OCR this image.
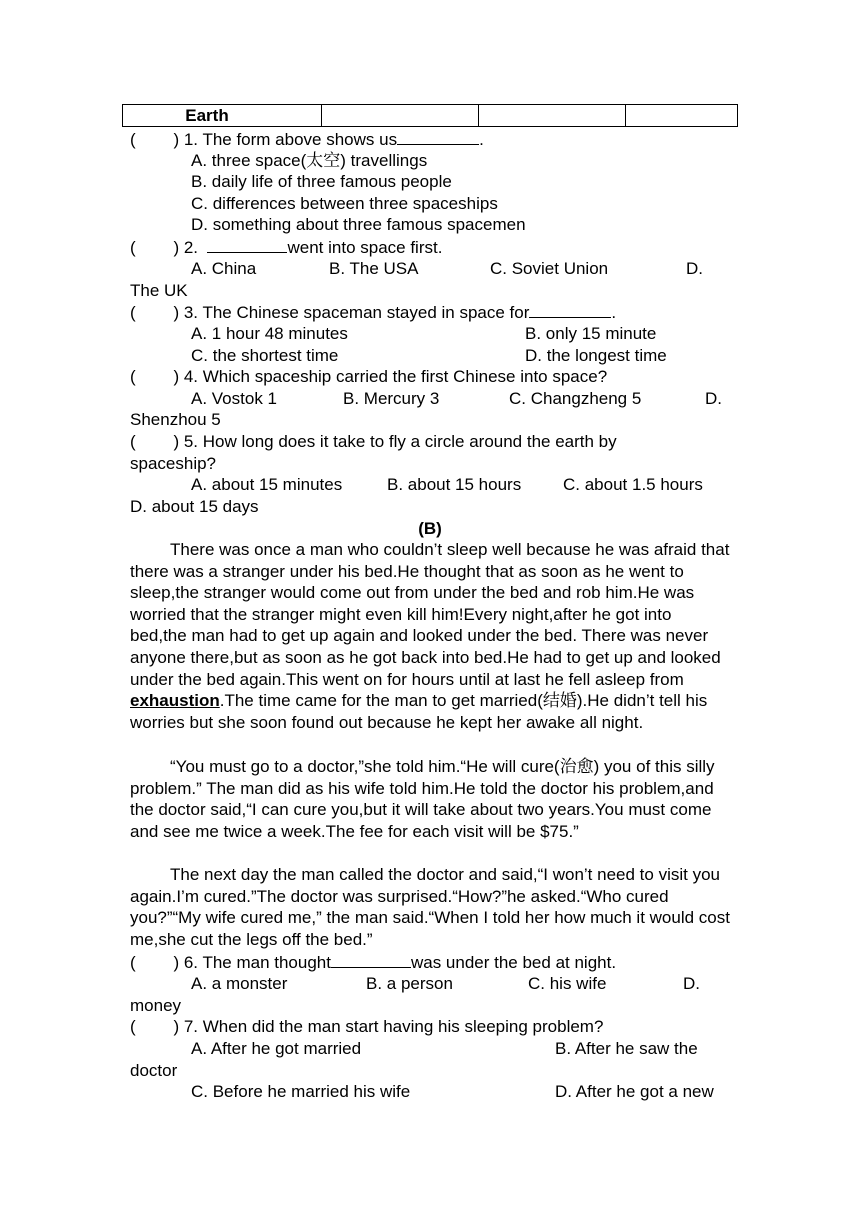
Earth			
(        ) 1. The form above shows us	.
A. three space(太空) travellings
B. daily life of three famous people
C. differences between three spaceships
D. something about three famous spacemen
(        ) 2.	went into space first.
A. China	B. The USA	C. Soviet Union	D.
The UK
(        ) 3. The Chinese spaceman stayed in space for	.
A. 1 hour 48 minutes	B. only 15 minute
C. the shortest time	D. the longest time
(        ) 4. Which spaceship carried the first Chinese into space?
A. Vostok 1	B. Mercury 3	C. Changzheng 5	D.
Shenzhou 5
(        ) 5. How long does it take to fly a circle around the earth by
spaceship?
A. about 15 minutes	B. about 15 hours C. about 1.5 hours
D. about 15 days
(B)
There was once a man who couldn’t sleep well because he was afraid that there was a stranger under his bed.He thought that as soon as he went to sleep,the stranger would come out from under the bed and rob him.He was worried that the stranger might even kill him!Every night,after he got into bed,the man had to get up again and looked under the bed. There was never anyone there,but as soon as he got back into bed.He had to get up and looked under the bed again.This went on for hours until at last he fell asleep from exhaustion.The time came for the man to get married(结婚).He didn’t tell his worries but she soon found out because he kept her awake all night.
“You must go to a doctor,”she told him.“He will cure(治愈) you of this silly problem.” The man did as his wife told him.He told the doctor his problem,and the doctor said,“I can cure you,but it will take about two years.You must come and see me twice a week.The fee for each visit will be $75.”
The next day the man called the doctor and said,“I won’t need to visit you again.I’m cured.”The doctor was surprised.“How?”he asked.“Who cured you?”“My wife cured me,” the man said.“When I told her how much it would cost me,she cut the legs off the bed.”
(        ) 6. The man thought	was under the bed at night.
A. a monster	B. a person	C. his wife	D.
money
(        ) 7. When did the man start having his sleeping problem?
A. After he got married	B. After he saw the
doctor
C. Before he married his wife	D. After he got a new
